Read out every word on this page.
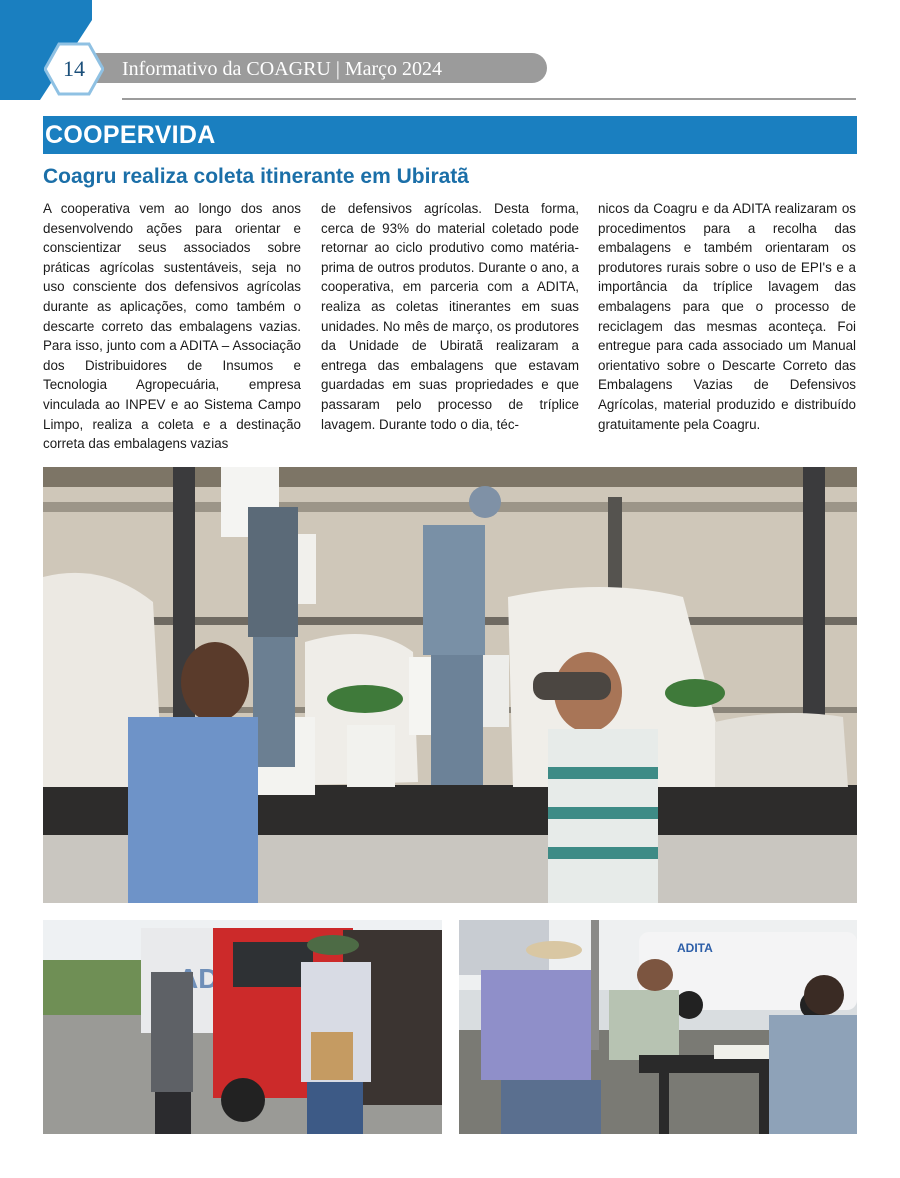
14	Informativo da COAGRU | Março 2024
COOPERVIDA
Coagru realiza coleta itinerante em Ubiratã

A cooperativa vem ao longo dos anos desenvolvendo ações para orientar e conscientizar seus associados sobre práticas agrícolas sustentáveis, seja no uso consciente dos defensivos agrícolas durante as aplicações, como também o descarte correto das embalagens vazias. Para isso, junto com a ADITA – Associação dos Distribuidores de Insumos e Tecnologia Agropecuária, empresa vinculada ao INPEV e ao Sistema Campo Limpo, realiza a coleta e a destinação correta das embalagens vazias

de defensivos agrícolas. Desta forma, cerca de 93% do material coletado pode retornar ao ciclo produtivo como matéria-prima de outros produtos. Durante o ano, a cooperativa, em parceria com a ADITA, realiza as coletas itinerantes em suas unidades. No mês de março, os produtores da Unidade de Ubiratã realizaram a entrega das embalagens que estavam guardadas em suas propriedades e que passaram pelo processo de tríplice lavagem. Durante todo o dia, téc-

nicos da Coagru e da ADITA realizaram os procedimentos para a recolha das embalagens e também orientaram os produtores rurais sobre o uso de EPI's e a importância da tríplice lavagem das embalagens para que o processo de reciclagem das mesmas aconteça. Foi entregue para cada associado um Manual orientativo sobre o Descarte Correto das Embalagens Vazias de Defensivos Agrícolas, material produzido e distribuído gratuitamente pela Coagru.

ADITA
